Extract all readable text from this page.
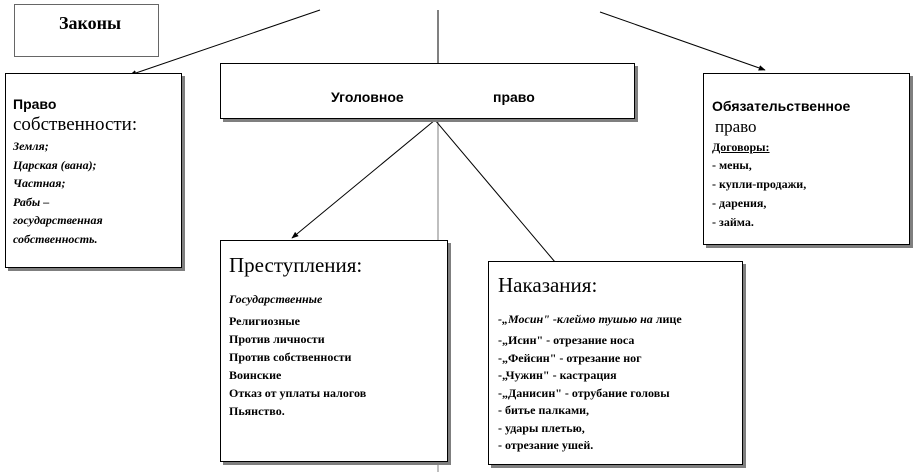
Законы
Уголовное	право
Право
собственности:
Земля;
Царская (вана);
Частная;
Рабы –
государственная
собственность.
Обязательственное
право
Договоры:
- мены,
- купли-продажи,
- дарения,
- займа.
Преступления:
Государственные
Религиозные
Против личности
Против собственности
Воинские
Отказ от уплаты налогов
Пьянство.
Наказания:
-„Мосин" -клеймо тушью на лице
-„Исин" - отрезание носа
-„Фейсин" - отрезание ног
-„Чужин" - кастрация
-„Данисин" - отрубание головы
- битье палками,
- удары плетью,
- отрезание ушей.
